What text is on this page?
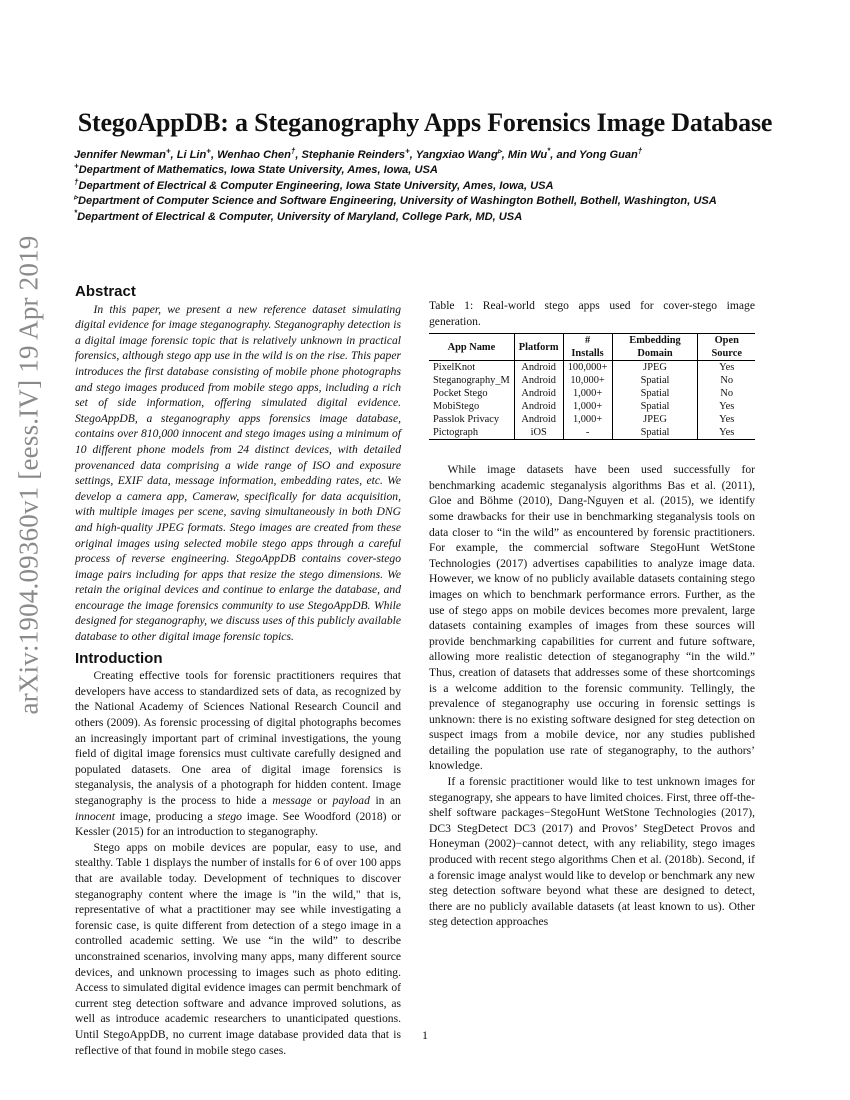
arXiv:1904.09360v1 [eess.IV] 19 Apr 2019
StegoAppDB: a Steganography Apps Forensics Image Database
Jennifer Newman+, Li Lin+, Wenhao Chen†, Stephanie Reinders+, Yangxiao Wang▹, Min Wu*, and Yong Guan†
+Department of Mathematics, Iowa State University, Ames, Iowa, USA
†Department of Electrical & Computer Engineering, Iowa State University, Ames, Iowa, USA
▹Department of Computer Science and Software Engineering, University of Washington Bothell, Bothell, Washington, USA
*Department of Electrical & Computer, University of Maryland, College Park, MD, USA
Abstract

In this paper, we present a new reference dataset simulating digital evidence for image steganography. Steganography detection is a digital image forensic topic that is relatively unknown in practical forensics, although stego app use in the wild is on the rise. This paper introduces the first database consisting of mobile phone photographs and stego images produced from mobile stego apps, including a rich set of side information, offering simulated digital evidence. StegoAppDB, a steganography apps forensics image database, contains over 810,000 innocent and stego images using a minimum of 10 different phone models from 24 distinct devices, with detailed provenanced data comprising a wide range of ISO and exposure settings, EXIF data, message information, embedding rates, etc. We develop a camera app, Cameraw, specifically for data acquisition, with multiple images per scene, saving simultaneously in both DNG and high-quality JPEG formats. Stego images are created from these original images using selected mobile stego apps through a careful process of reverse engineering. StegoAppDB contains cover-stego image pairs including for apps that resize the stego dimensions. We retain the original devices and continue to enlarge the database, and encourage the image forensics community to use StegoAppDB. While designed for steganography, we discuss uses of this publicly available database to other digital image forensic topics.

Introduction

Creating effective tools for forensic practitioners requires that developers have access to standardized sets of data, as recognized by the National Academy of Sciences National Research Council and others (2009). As forensic processing of digital photographs becomes an increasingly important part of criminal investigations, the young field of digital image forensics must cultivate carefully designed and populated datasets. One area of digital image forensics is steganalysis, the analysis of a photograph for hidden content. Image steganography is the process to hide a message or payload in an innocent image, producing a stego image. See Woodford (2018) or Kessler (2015) for an introduction to steganography.

Stego apps on mobile devices are popular, easy to use, and stealthy. Table 1 displays the number of installs for 6 of over 100 apps that are available today. Development of techniques to discover steganography content where the image is "in the wild," that is, representative of what a practitioner may see while investigating a forensic case, is quite different from detection of a stego image in a controlled academic setting. We use “in the wild” to describe unconstrained scenarios, involving many apps, many different source devices, and unknown processing to images such as photo editing. Access to simulated digital evidence images can permit benchmark of current steg detection software and advance improved solutions, as well as introduce academic researchers to unanticipated questions. Until StegoAppDB, no current image database provided data that is reflective of that found in mobile stego cases.

Table 1: Real-world stego apps used for cover-stego image generation.

App Name	Platform	# Installs	Embedding Domain	Open Source
PixelKnot	Android	100,000+	JPEG	Yes
Steganography_M	Android	10,000+	Spatial	No
Pocket Stego	Android	1,000+	Spatial	No
MobiStego	Android	1,000+	Spatial	Yes
Passlok Privacy	Android	1,000+	JPEG	Yes
Pictograph	iOS	-	Spatial	Yes

While image datasets have been used successfully for benchmarking academic steganalysis algorithms Bas et al. (2011), Gloe and Böhme (2010), Dang-Nguyen et al. (2015), we identify some drawbacks for their use in benchmarking steganalysis tools on data closer to “in the wild” as encountered by forensic practitioners. For example, the commercial software StegoHunt WetStone Technologies (2017) advertises capabilities to analyze image data. However, we know of no publicly available datasets containing stego images on which to benchmark performance errors. Further, as the use of stego apps on mobile devices becomes more prevalent, large datasets containing examples of images from these sources will provide benchmarking capabilities for current and future software, allowing more realistic detection of steganography “in the wild.” Thus, creation of datasets that addresses some of these shortcomings is a welcome addition to the forensic community. Tellingly, the prevalence of steganography use occuring in forensic settings is unknown: there is no existing software designed for steg detection on suspect imags from a mobile device, nor any studies published detailing the population use rate of steganography, to the authors’ knowledge.

If a forensic practitioner would like to test unknown images for steganograpy, she appears to have limited choices. First, three off-the-shelf software packages−StegoHunt WetStone Technologies (2017), DC3 StegDetect DC3 (2017) and Provos’ StegDetect Provos and Honeyman (2002)−cannot detect, with any reliability, stego images produced with recent stego algorithms Chen et al. (2018b). Second, if a forensic image analyst would like to develop or benchmark any new steg detection software beyond what these are designed to detect, there are no publicly available datasets (at least known to us). Other steg detection approaches

1
